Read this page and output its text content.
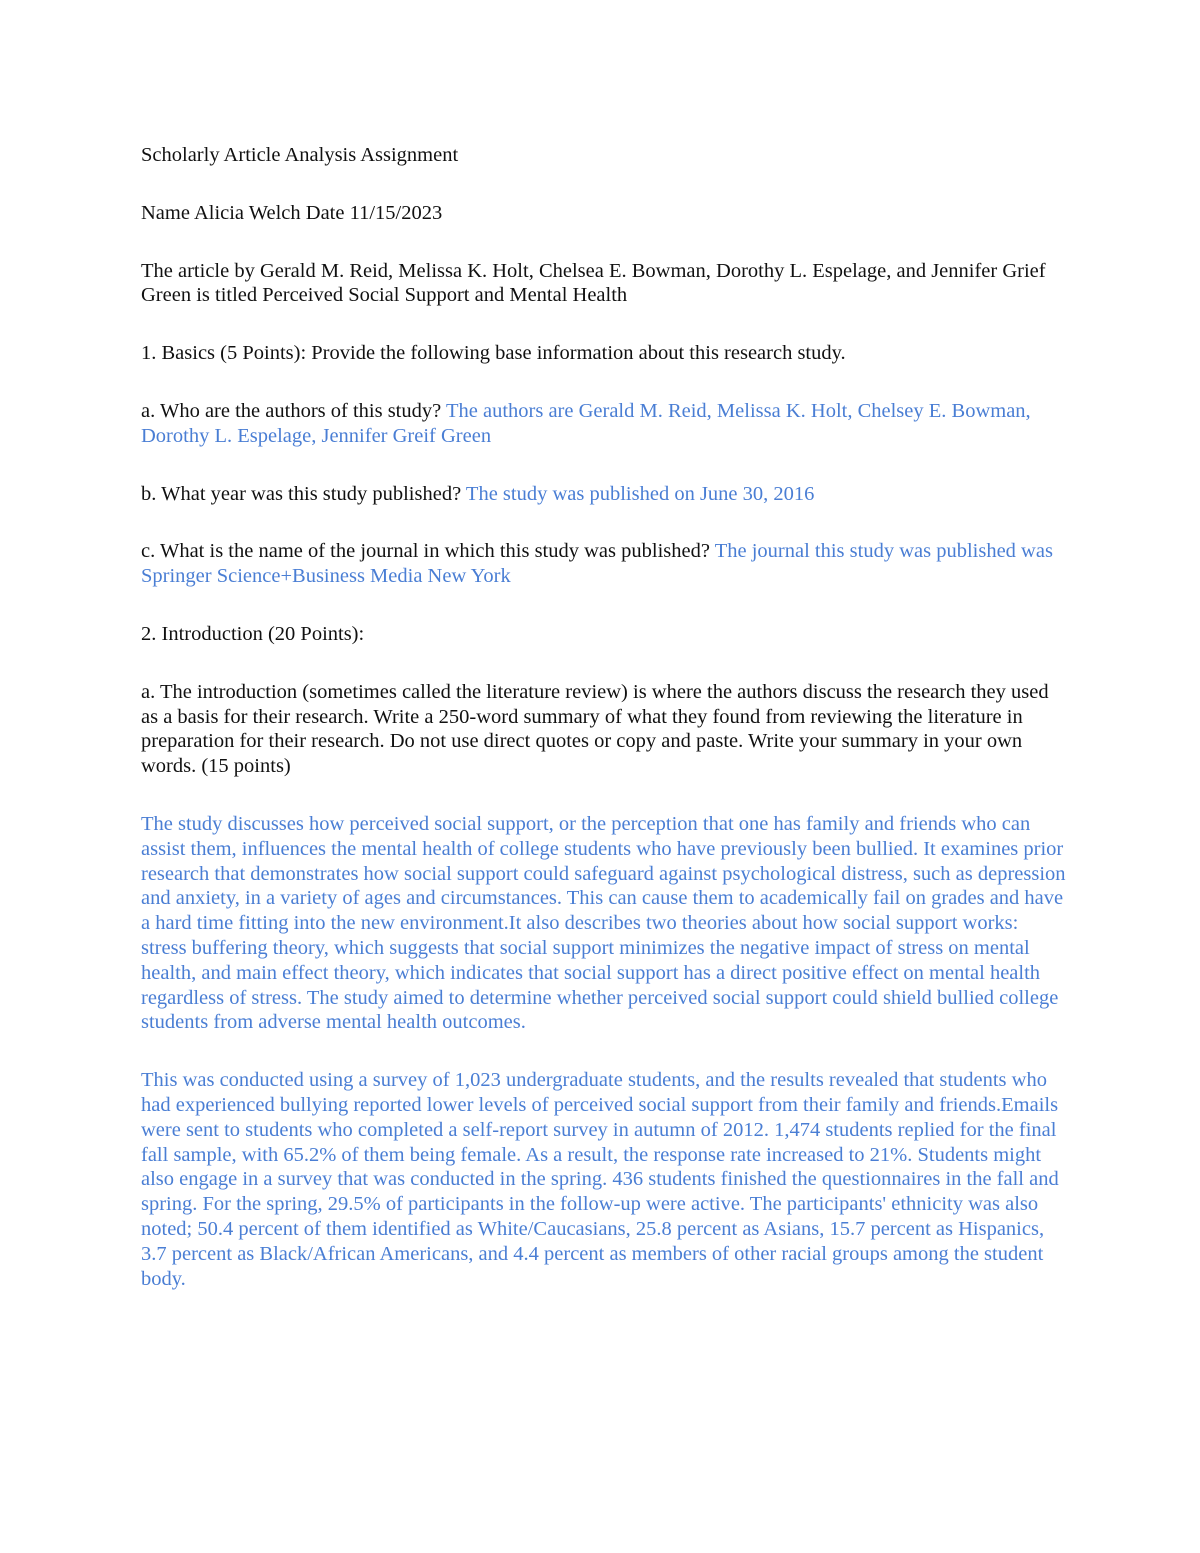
Scholarly Article Analysis Assignment

Name Alicia Welch Date 11/15/2023

The article by Gerald M. Reid, Melissa K. Holt, Chelsea E. Bowman, Dorothy L. Espelage, and Jennifer Grief Green is titled Perceived Social Support and Mental Health

1. Basics (5 Points): Provide the following base information about this research study.

a. Who are the authors of this study? The authors are Gerald M. Reid, Melissa K. Holt, Chelsey E. Bowman, Dorothy L. Espelage, Jennifer Greif Green

b. What year was this study published? The study was published on June 30, 2016

c. What is the name of the journal in which this study was published? The journal this study was published was Springer Science+Business Media New York

2. Introduction (20 Points):

a. The introduction (sometimes called the literature review) is where the authors discuss the research they used as a basis for their research. Write a 250-word summary of what they found from reviewing the literature in preparation for their research. Do not use direct quotes or copy and paste. Write your summary in your own words. (15 points)

The study discusses how perceived social support, or the perception that one has family and friends who can assist them, influences the mental health of college students who have previously been bullied. It examines prior research that demonstrates how social support could safeguard against psychological distress, such as depression and anxiety, in a variety of ages and circumstances. This can cause them to academically fail on grades and have a hard time fitting into the new environment.It also describes two theories about how social support works: stress buffering theory, which suggests that social support minimizes the negative impact of stress on mental health, and main effect theory, which indicates that social support has a direct positive effect on mental health regardless of stress. The study aimed to determine whether perceived social support could shield bullied college students from adverse mental health outcomes.

This was conducted using a survey of 1,023 undergraduate students, and the results revealed that students who had experienced bullying reported lower levels of perceived social support from their family and friends.Emails were sent to students who completed a self-report survey in autumn of 2012. 1,474 students replied for the final fall sample, with 65.2% of them being female. As a result, the response rate increased to 21%. Students might also engage in a survey that was conducted in the spring. 436 students finished the questionnaires in the fall and spring. For the spring, 29.5% of participants in the follow-up were active. The participants' ethnicity was also noted; 50.4 percent of them identified as White/Caucasians, 25.8 percent as Asians, 15.7 percent as Hispanics, 3.7 percent as Black/African Americans, and 4.4 percent as members of other racial groups among the student body.
